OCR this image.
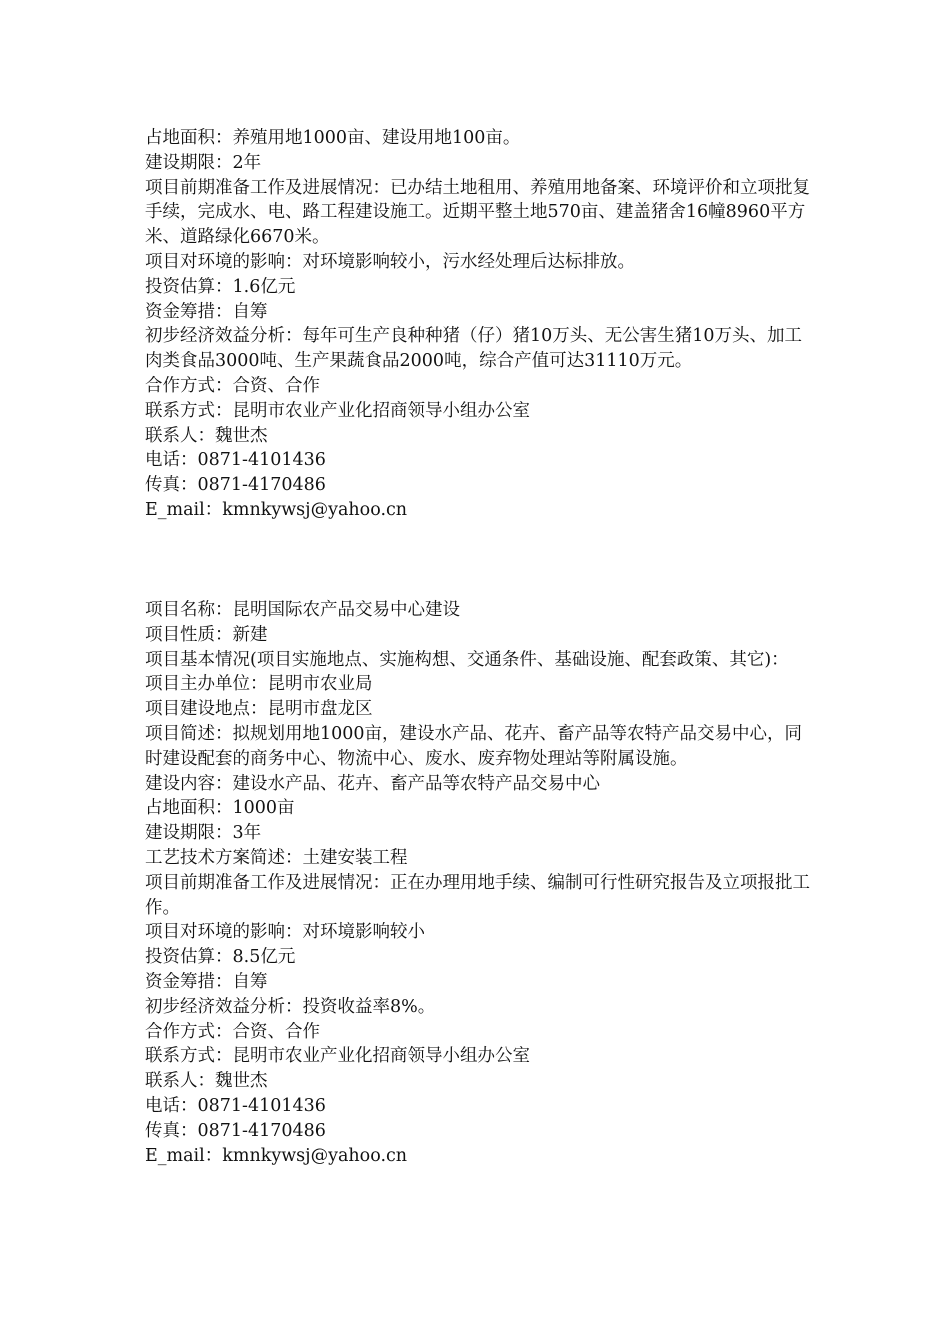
占地面积：养殖用地1000亩、建设用地100亩。
建设期限：2年
项目前期准备工作及进展情况：已办结土地租用、养殖用地备案、环境评价和立项批复手续，完成水、电、路工程建设施工。近期平整土地570亩、建盖猪舍16幢8960平方米、道路绿化6670米。
项目对环境的影响：对环境影响较小，污水经处理后达标排放。
投资估算：1.6亿元
资金筹措：自筹
初步经济效益分析：每年可生产良种种猪（仔）猪10万头、无公害生猪10万头、加工肉类食品3000吨、生产果蔬食品2000吨，综合产值可达31110万元。
合作方式：合资、合作
联系方式：昆明市农业产业化招商领导小组办公室
联系人：魏世杰
电话：0871-4101436
传真：0871-4170486
E_mail：kmnkywsj@yahoo.cn
项目名称：昆明国际农产品交易中心建设
项目性质：新建
项目基本情况(项目实施地点、实施构想、交通条件、基础设施、配套政策、其它)：
项目主办单位：昆明市农业局
项目建设地点：昆明市盘龙区
项目简述：拟规划用地1000亩，建设水产品、花卉、畜产品等农特产品交易中心，同时建设配套的商务中心、物流中心、废水、废弃物处理站等附属设施。
建设内容：建设水产品、花卉、畜产品等农特产品交易中心
占地面积：1000亩
建设期限：3年
工艺技术方案简述：土建安装工程
项目前期准备工作及进展情况：正在办理用地手续、编制可行性研究报告及立项报批工作。
项目对环境的影响：对环境影响较小
投资估算：8.5亿元
资金筹措：自筹
初步经济效益分析：投资收益率8%。
合作方式：合资、合作
联系方式：昆明市农业产业化招商领导小组办公室
联系人：魏世杰
电话：0871-4101436
传真：0871-4170486
E_mail：kmnkywsj@yahoo.cn
